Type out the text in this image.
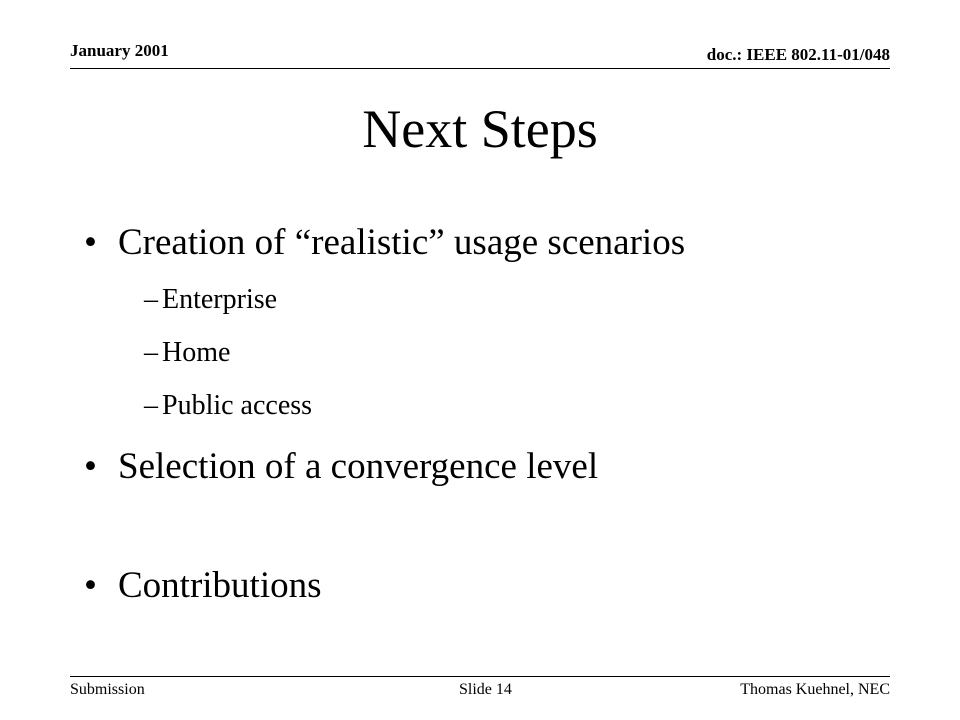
January 2001	doc.: IEEE 802.11-01/048
Next Steps
• Creation of “realistic” usage scenarios
– Enterprise
– Home
– Public access
• Selection of a convergence level
• Contributions
Submission	Slide 14	Thomas Kuehnel, NEC
